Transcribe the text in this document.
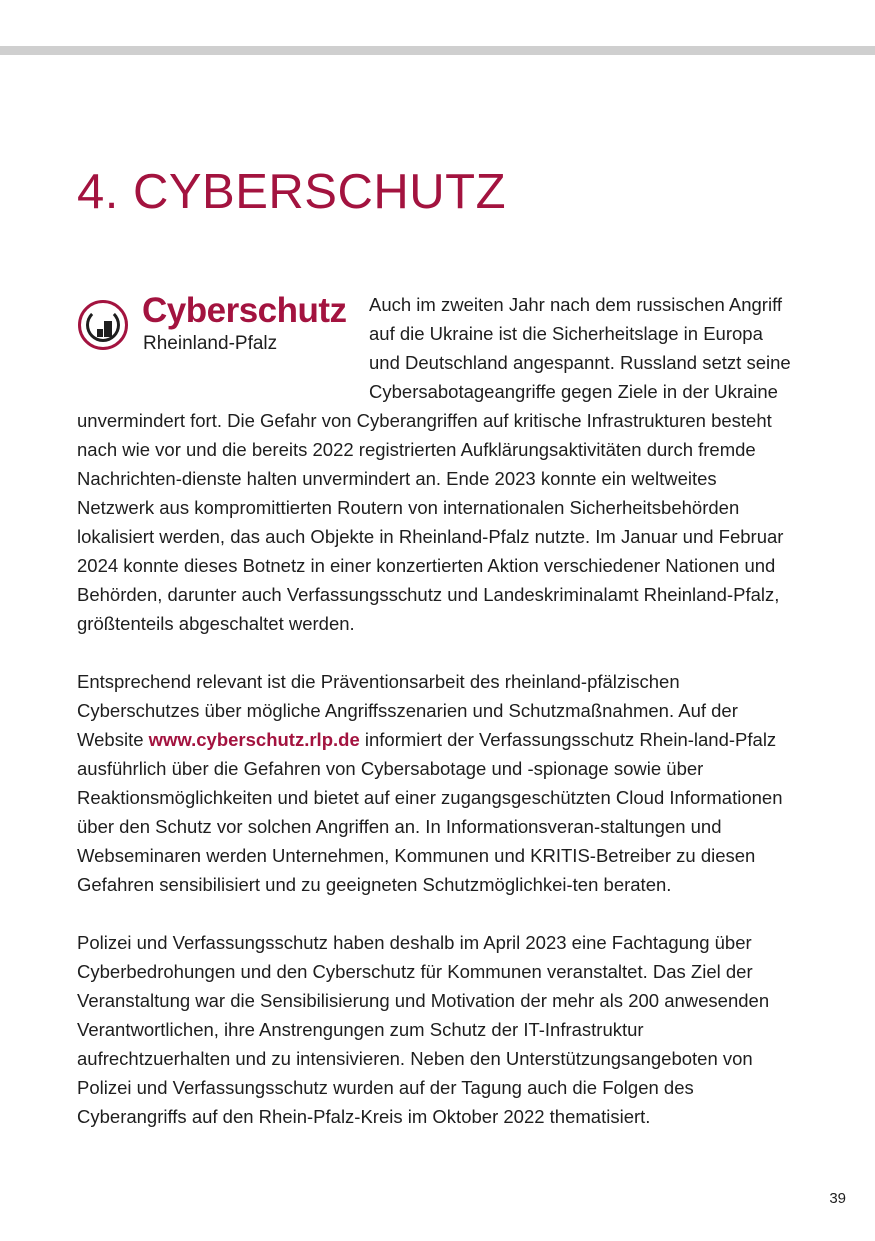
4. CYBERSCHUTZ
Cyberschutz
Rheinland-Pfalz

Auch im zweiten Jahr nach dem russischen Angriff auf die Ukraine ist die Sicherheitslage in Europa und Deutschland angespannt. Russland setzt seine Cybersabotageangriffe gegen Ziele in der Ukraine unvermindert fort. Die Gefahr von Cyberangriffen auf kritische Infrastrukturen besteht nach wie vor und die bereits 2022 registrierten Aufklärungsaktivitäten durch fremde Nachrichten-dienste halten unvermindert an. Ende 2023 konnte ein weltweites Netzwerk aus kompromittierten Routern von internationalen Sicherheitsbehörden lokalisiert werden, das auch Objekte in Rheinland-Pfalz nutzte. Im Januar und Februar 2024 konnte dieses Botnetz in einer konzertierten Aktion verschiedener Nationen und Behörden, darunter auch Verfassungsschutz und Landeskriminalamt Rheinland-Pfalz, größtenteils abgeschaltet werden.

Entsprechend relevant ist die Präventionsarbeit des rheinland-pfälzischen Cyberschutzes über mögliche Angriffsszenarien und Schutzmaßnahmen. Auf der Website www.cyberschutz.rlp.de informiert der Verfassungsschutz Rhein-land-Pfalz ausführlich über die Gefahren von Cybersabotage und -spionage sowie über Reaktionsmöglichkeiten und bietet auf einer zugangsgeschützten Cloud Informationen über den Schutz vor solchen Angriffen an. In Informationsveran-staltungen und Webseminaren werden Unternehmen, Kommunen und KRITIS-Betreiber zu diesen Gefahren sensibilisiert und zu geeigneten Schutzmöglichkei-ten beraten.

Polizei und Verfassungsschutz haben deshalb im April 2023 eine Fachtagung über Cyberbedrohungen und den Cyberschutz für Kommunen veranstaltet. Das Ziel der Veranstaltung war die Sensibilisierung und Motivation der mehr als 200 anwesenden Verantwortlichen, ihre Anstrengungen zum Schutz der IT-Infrastruktur aufrechtzuerhalten und zu intensivieren. Neben den Unterstützungsangeboten von Polizei und Verfassungsschutz wurden auf der Tagung auch die Folgen des Cyberangriffs auf den Rhein-Pfalz-Kreis im Oktober 2022 thematisiert.

39
